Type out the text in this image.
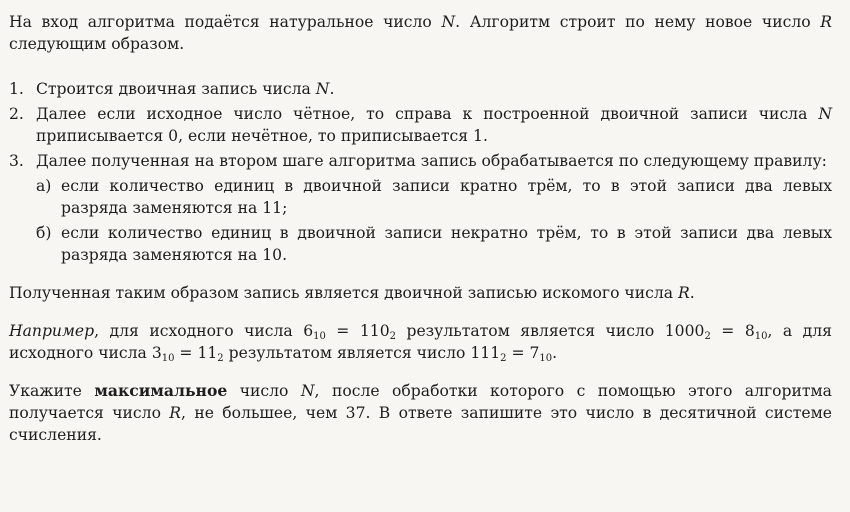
На вход алгоритма подаётся натуральное число N. Алгоритм строит по нему новое число R следующим образом.

1. Строится двоичная запись числа N.
2. Далее если исходное число чётное, то справа к построенной двоичной записи числа N приписывается 0, если нечётное, то приписывается 1.
3. Далее полученная на втором шаге алгоритма запись обрабатывается по следующему правилу:
а) если количество единиц в двоичной записи кратно трём, то в этой записи два левых разряда заменяются на 11;
б) если количество единиц в двоичной записи некратно трём, то в этой записи два левых разряда заменяются на 10.

Полученная таким образом запись является двоичной записью искомого числа R.

Например, для исходного числа $6_{10} = 110_2$ результатом является число $1000_2 = 8_{10}$, а для исходного числа $3_{10} = 11_2$ результатом является число $111_2 = 7_{10}$.

Укажите максимальное число N, после обработки которого с помощью этого алгоритма получается число R, не большее, чем 37. В ответе запишите это число в десятичной системе счисления.
